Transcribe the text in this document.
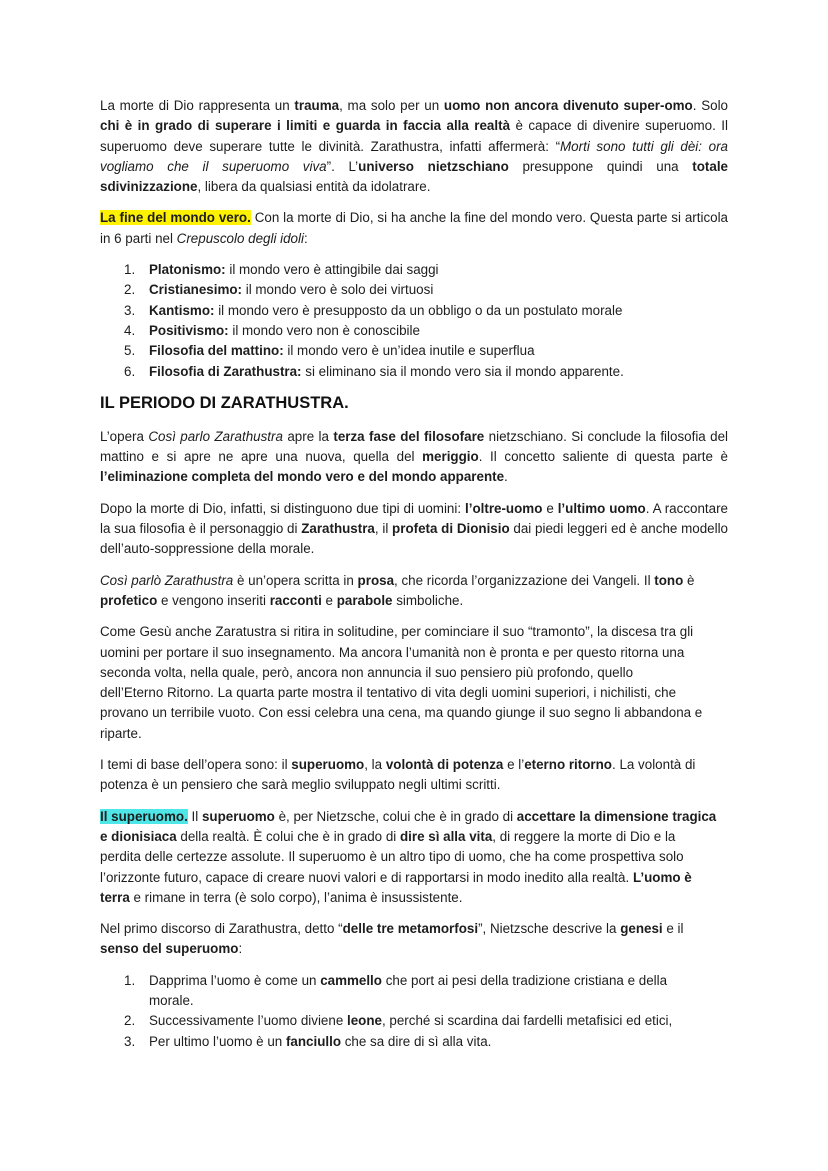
La morte di Dio rappresenta un trauma, ma solo per un uomo non ancora divenuto super-omo. Solo chi è in grado di superare i limiti e guarda in faccia alla realtà è capace di divenire superuomo. Il superuomo deve superare tutte le divinità. Zarathustra, infatti affermerà: “Morti sono tutti gli dèi: ora vogliamo che il superuomo viva”. L’universo nietzschiano presuppone quindi una totale sdivinizzazione, libera da qualsiasi entità da idolatrare.

La fine del mondo vero. Con la morte di Dio, si ha anche la fine del mondo vero. Questa parte si articola in 6 parti nel Crepuscolo degli idoli:

1. Platonismo: il mondo vero è attingibile dai saggi
2. Cristianesimo: il mondo vero è solo dei virtuosi
3. Kantismo: il mondo vero è presupposto da un obbligo o da un postulato morale
4. Positivismo: il mondo vero non è conoscibile
5. Filosofia del mattino: il mondo vero è un’idea inutile e superflua
6. Filosofia di Zarathustra: si eliminano sia il mondo vero sia il mondo apparente.
IL PERIODO DI ZARATHUSTRA.

L’opera Così parlo Zarathustra apre la terza fase del filosofare nietzschiano. Si conclude la filosofia del mattino e si apre ne apre una nuova, quella del meriggio. Il concetto saliente di questa parte è l’eliminazione completa del mondo vero e del mondo apparente.

Dopo la morte di Dio, infatti, si distinguono due tipi di uomini: l’oltre-uomo e l’ultimo uomo. A raccontare la sua filosofia è il personaggio di Zarathustra, il profeta di Dionisio dai piedi leggeri ed è anche modello dell’auto-soppressione della morale.

Così parlò Zarathustra è un’opera scritta in prosa, che ricorda l’organizzazione dei Vangeli. Il tono è profetico e vengono inseriti racconti e parabole simboliche.

Come Gesù anche Zaratustra si ritira in solitudine, per cominciare il suo “tramonto”, la discesa tra gli
uomini per portare il suo insegnamento. Ma ancora l’umanità non è pronta e per questo ritorna una
seconda volta, nella quale, però, ancora non annuncia il suo pensiero più profondo, quello
dell’Eterno Ritorno. La quarta parte mostra il tentativo di vita degli uomini superiori, i nichilisti, che
provano un terribile vuoto. Con essi celebra una cena, ma quando giunge il suo segno li abbandona e
riparte.

I temi di base dell’opera sono: il superuomo, la volontà di potenza e l’eterno ritorno. La volontà di
potenza è un pensiero che sarà meglio sviluppato negli ultimi scritti.

Il superuomo. Il superuomo è, per Nietzsche, colui che è in grado di accettare la dimensione tragica
e dionisiaca della realtà. È colui che è in grado di dire sì alla vita, di reggere la morte di Dio e la
perdita delle certezze assolute. Il superuomo è un altro tipo di uomo, che ha come prospettiva solo
l’orizzonte futuro, capace di creare nuovi valori e di rapportarsi in modo inedito alla realtà. L’uomo è
terra e rimane in terra (è solo corpo), l’anima è insussistente.

Nel primo discorso di Zarathustra, detto “delle tre metamorfosi”, Nietzsche descrive la genesi e il
senso del superuomo:

1. Dapprima l’uomo è come un cammello che port ai pesi della tradizione cristiana e della
morale.
2. Successivamente l’uomo diviene leone, perché si scardina dai fardelli metafisici ed etici,
3. Per ultimo l’uomo è un fanciullo che sa dire di sì alla vita.
